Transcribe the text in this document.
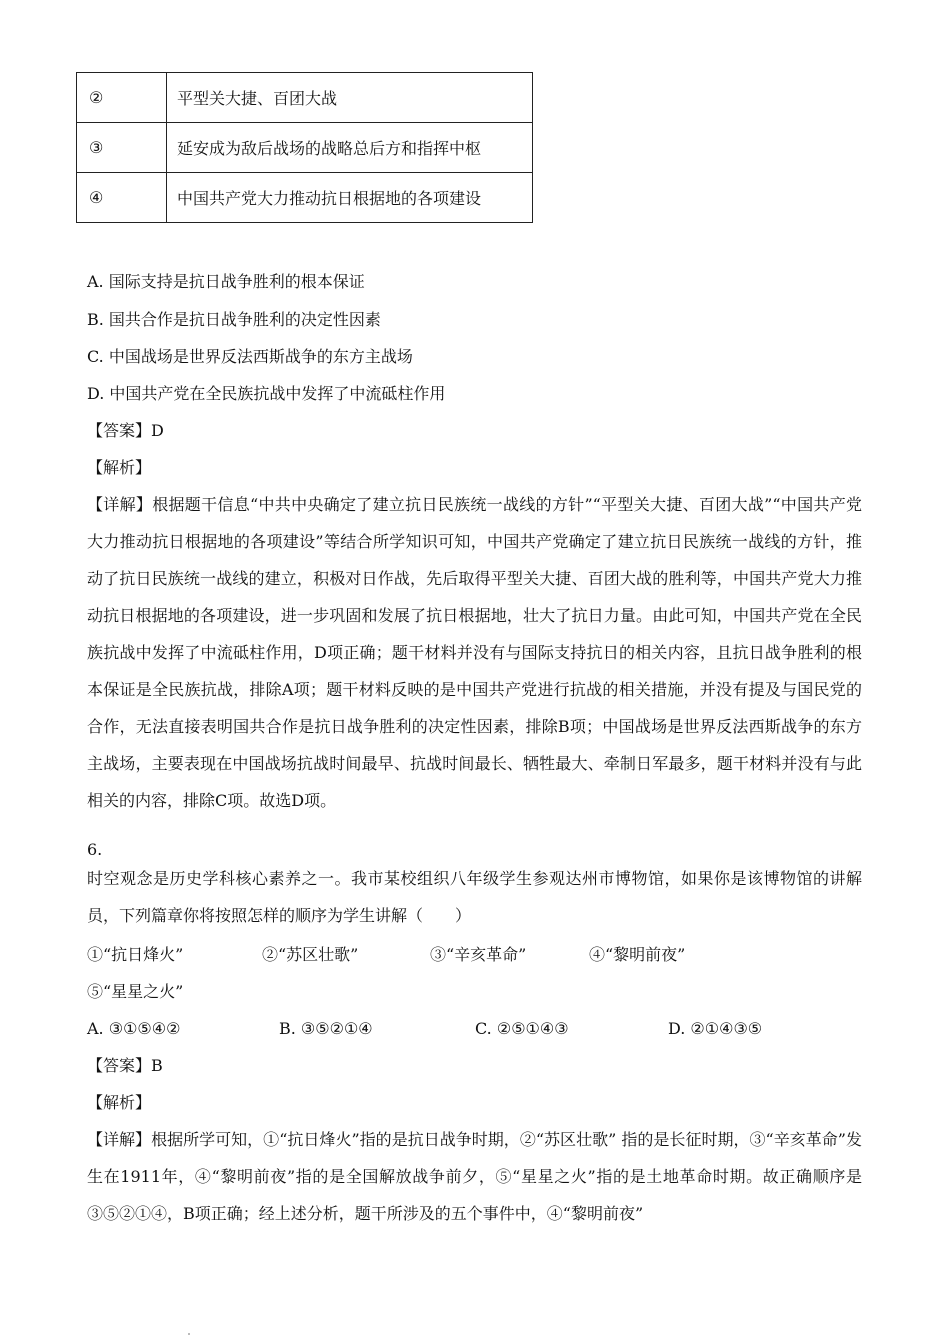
②	平型关大捷、百团大战
③	延安成为敌后战场的战略总后方和指挥中枢
④	中国共产党大力推动抗日根据地的各项建设
A. 国际支持是抗日战争胜利的根本保证
B. 国共合作是抗日战争胜利的决定性因素
C. 中国战场是世界反法西斯战争的东方主战场
D. 中国共产党在全民族抗战中发挥了中流砥柱作用
【答案】D
【解析】
【详解】根据题干信息“中共中央确定了建立抗日民族统一战线的方针”“平型关大捷、百团大战”“中国共产党大力推动抗日根据地的各项建设”等结合所学知识可知，中国共产党确定了建立抗日民族统一战线的方针，推动了抗日民族统一战线的建立，积极对日作战，先后取得平型关大捷、百团大战的胜利等，中国共产党大力推动抗日根据地的各项建设，进一步巩固和发展了抗日根据地，壮大了抗日力量。由此可知，中国共产党在全民族抗战中发挥了中流砥柱作用，D项正确；题干材料并没有与国际支持抗日的相关内容，且抗日战争胜利的根本保证是全民族抗战，排除A项；题干材料反映的是中国共产党进行抗战的相关措施，并没有提及与国民党的合作，无法直接表明国共合作是抗日战争胜利的决定性因素，排除B项；中国战场是世界反法西斯战争的东方主战场，主要表现在中国战场抗战时间最早、抗战时间最长、牺牲最大、牵制日军最多，题干材料并没有与此相关的内容，排除C项。故选D项。
6.
时空观念是历史学科核心素养之一。我市某校组织八年级学生参观达州市博物馆，如果你是该博物馆的讲解员，下列篇章你将按照怎样的顺序为学生讲解（　　）
①“抗日烽火”	②“苏区壮歌”	③“辛亥革命”	④“黎明前夜”
⑤“星星之火”
A. ③①⑤④②	B. ③⑤②①④	C. ②⑤①④③	D. ②①④③⑤
【答案】B
【解析】
【详解】根据所学可知，①“抗日烽火”指的是抗日战争时期，②“苏区壮歌” 指的是长征时期，③“辛亥革命”发生在1911年，④“黎明前夜”指的是全国解放战争前夕，⑤“星星之火”指的是土地革命时期。故正确顺序是③⑤②①④，B项正确；经上述分析，题干所涉及的五个事件中，④“黎明前夜”
